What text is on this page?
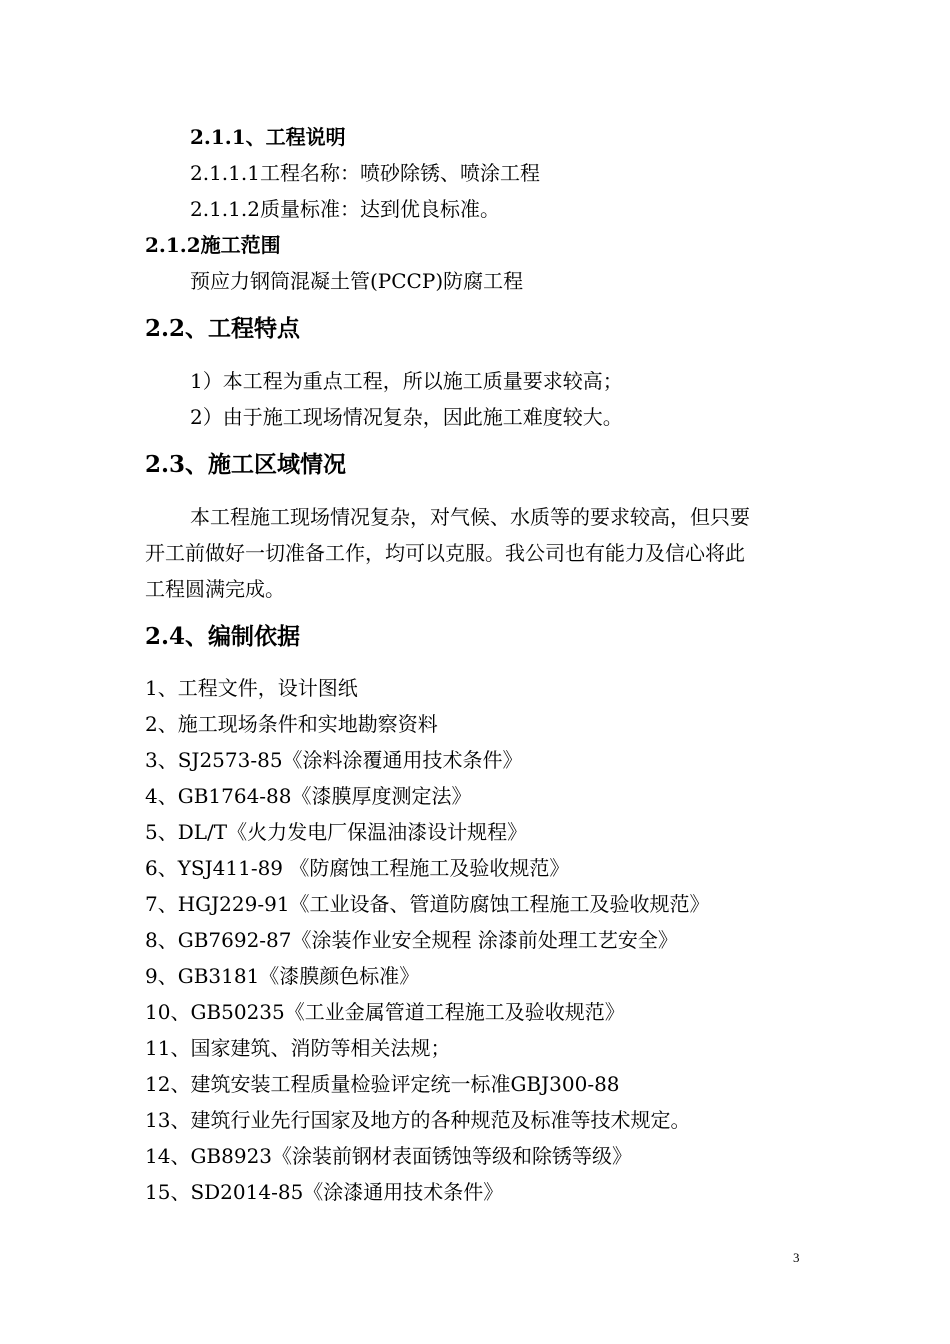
2.1.1、工程说明
2.1.1.1工程名称：喷砂除锈、喷涂工程
2.1.1.2质量标准：达到优良标准。
2.1.2施工范围
预应力钢筒混凝土管(PCCP)防腐工程
2.2、工程特点
1）本工程为重点工程，所以施工质量要求较高；
2）由于施工现场情况复杂，因此施工难度较大。
2.3、施工区域情况
本工程施工现场情况复杂，对气候、水质等的要求较高，但只要
开工前做好一切准备工作，均可以克服。我公司也有能力及信心将此
工程圆满完成。
2.4、编制依据
1、工程文件，设计图纸
2、施工现场条件和实地勘察资料
3、SJ2573-85《涂料涂覆通用技术条件》
4、GB1764-88《漆膜厚度测定法》
5、DL/T《火力发电厂保温油漆设计规程》
6、YSJ411-89 《防腐蚀工程施工及验收规范》
7、HGJ229-91《工业设备、管道防腐蚀工程施工及验收规范》
8、GB7692-87《涂装作业安全规程 涂漆前处理工艺安全》
9、GB3181《漆膜颜色标准》
10、GB50235《工业金属管道工程施工及验收规范》
11、国家建筑、消防等相关法规；
12、建筑安装工程质量检验评定统一标准GBJ300-88
13、建筑行业先行国家及地方的各种规范及标准等技术规定。
14、GB8923《涂装前钢材表面锈蚀等级和除锈等级》
15、SD2014-85《涂漆通用技术条件》
3
